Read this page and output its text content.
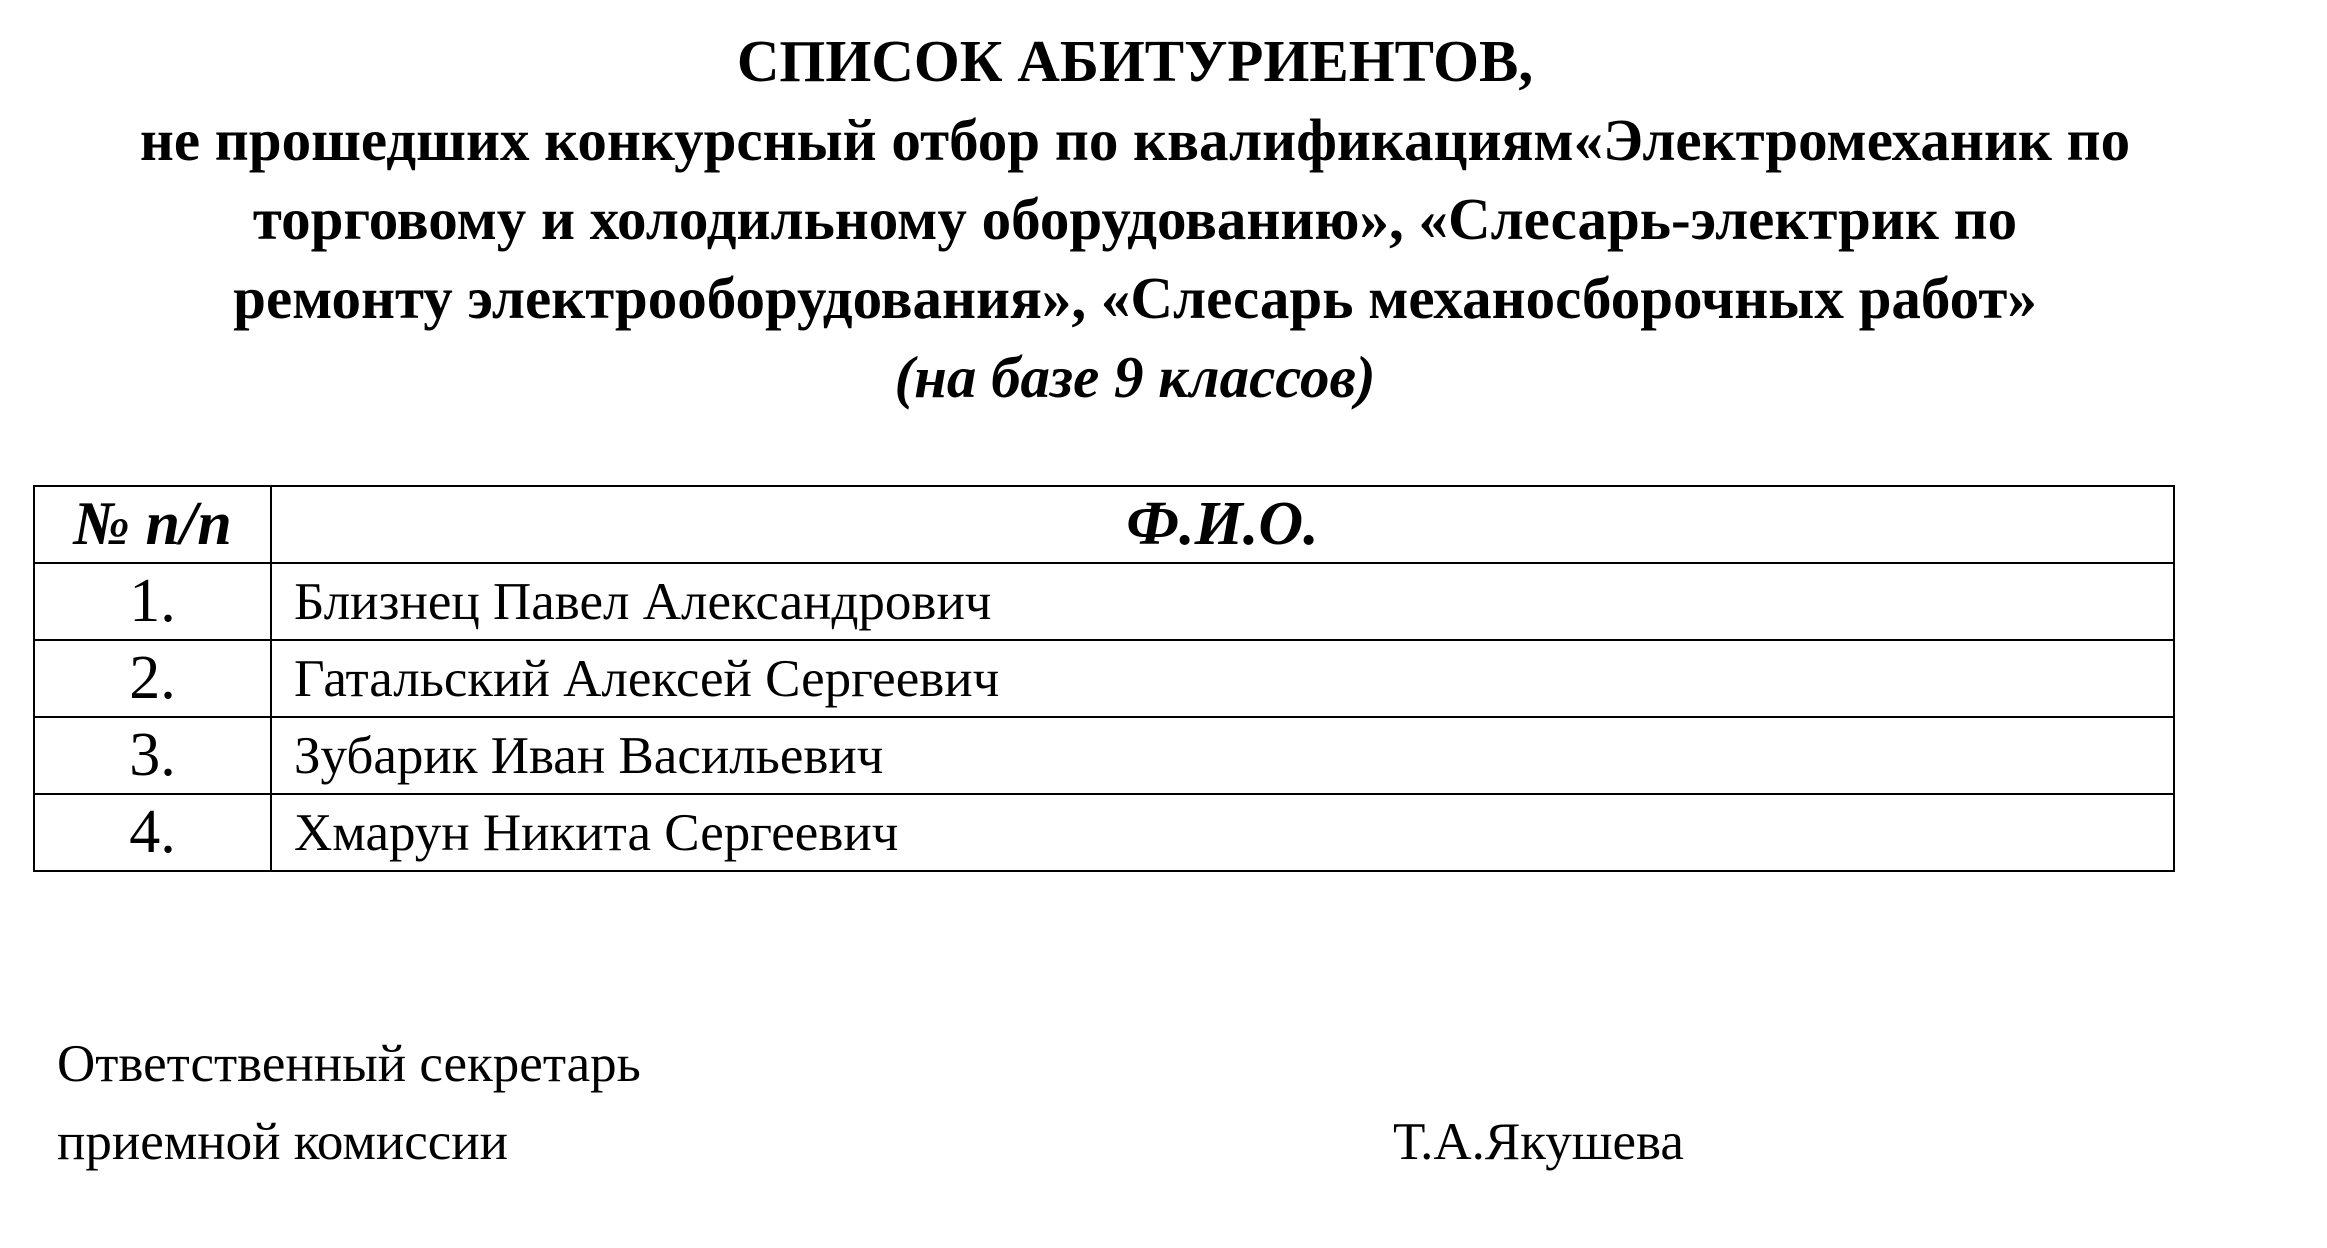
СПИСОК АБИТУРИЕНТОВ,
не прошедших конкурсный отбор по квалификациям«Электромеханик по
торговому и холодильному оборудованию», «Слесарь-электрик по
ремонту электрооборудования», «Слесарь механосборочных работ»
(на базе 9 классов)
№ п/п	Ф.И.О.
1.	Близнец Павел Александрович
2.	Гатальский Алексей Сергеевич
3.	Зубарик Иван Васильевич
4.	Хмарун Никита Сергеевич
Ответственный секретарь
приемной комиссии	Т.А.Якушева
